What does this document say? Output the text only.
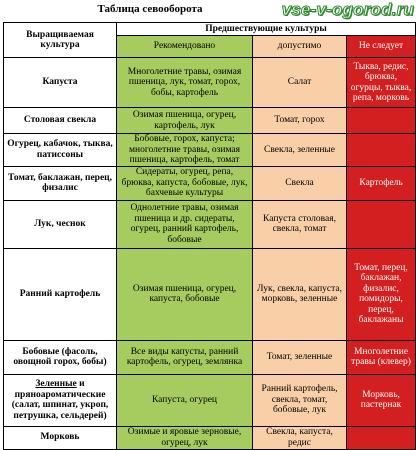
Таблица севооборота	vse-v-ogorod.ru
Выращиваемая культура	Предшествующие культуры		
	Рекомендовано	допустимо	Не следует
Капуста	Многолетние травы, озимая пшеница, лук, томат, горох, бобы, картофель	Салат	Тыква, редис, брюква, огурцы, тыква, репа, морковь
Столовая свекла	Озимая пшеница, огурец, картофель, лук	Томат, горох	
Огурец, кабачок, тыква, патиссоны	Бобовые, горох, капуста; многолетние травы, озимая пшеница, картофель, томат	Свекла, зеленные	
Томат, баклажан, перец, физалис	Сидераты, огурец, репа, брюква, капуста, бобовые, лук, бахчевые культуры	Свекла	Картофель
Лук, чеснок	Однолетние травы, озимая пшеница и др. сидераты, огурец, ранний картофель, бобовые	Капуста столовая, свекла, томат	
Ранний картофель	Озимая пшеница, огурец, капуста, бобовые	Лук, свекла, капуста, морковь, зеленные	Томат, перец, баклажан, физалис, помидоры, перец, баклажаны
Бобовые (фасоль, овощной горох, бобы)	Все виды капусты, ранний картофель, огурец, землянка	Томат, зеленные	Многолетние травы (клевер)
Зеленные и пряноароматические (салат, шпинат, укроп, петрушка, сельдерей)	Капуста, огурец	Ранний картофель, свекла, томат, бобовые, лук	Морковь, пастернак
Морковь	Озимые и яровые зерновые, огурец, лук	Свекла, капуста, редис	
